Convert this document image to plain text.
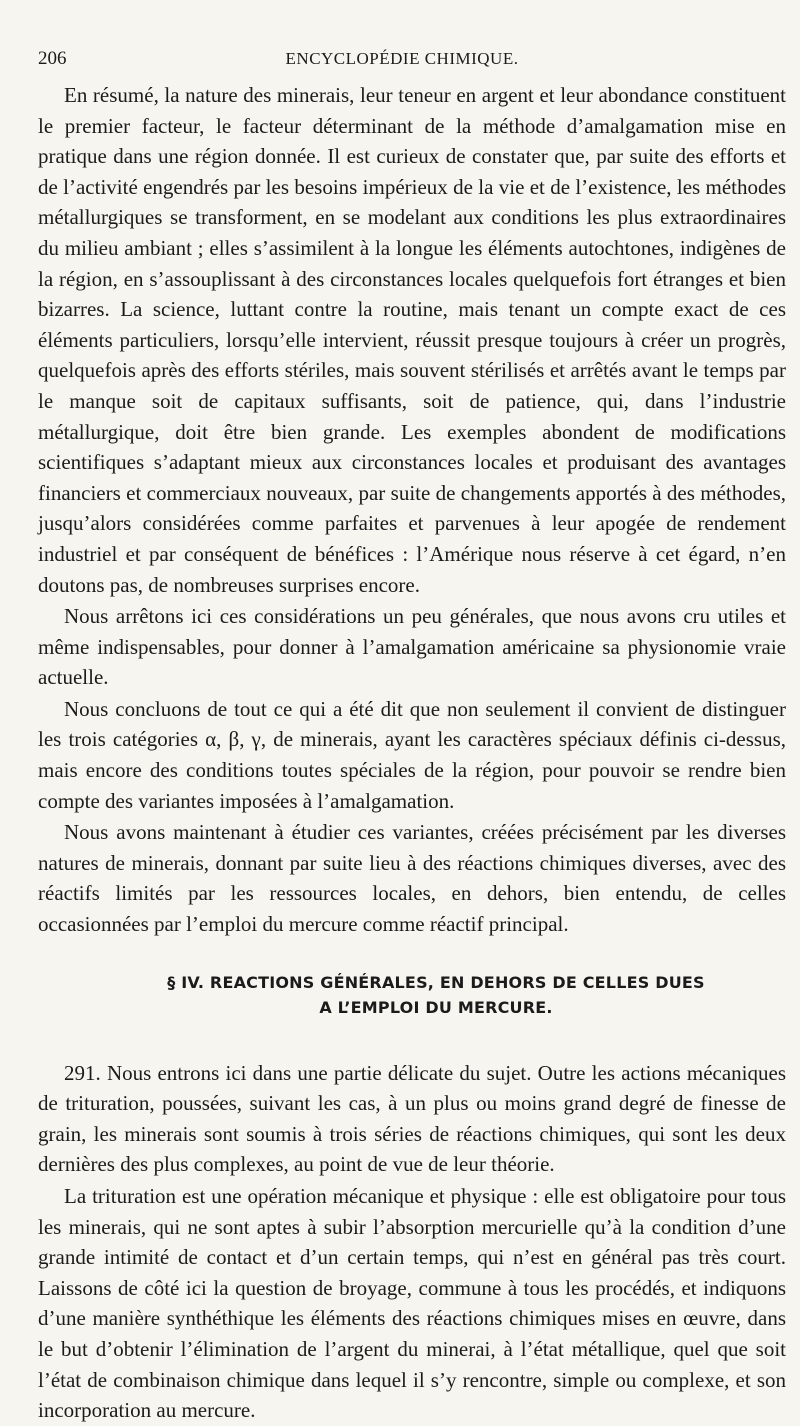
206	ENCYCLOPÉDIE CHIMIQUE.

En résumé, la nature des minerais, leur teneur en argent et leur abondance constituent le premier facteur, le facteur déterminant de la méthode d’amalgamation mise en pratique dans une région donnée. Il est curieux de constater que, par suite des efforts et de l’activité engendrés par les besoins impérieux de la vie et de l’existence, les méthodes métallurgiques se transforment, en se modelant aux conditions les plus extraordinaires du milieu ambiant ; elles s’assimilent à la longue les éléments autochtones, indigènes de la région, en s’assouplissant à des circonstances locales quelquefois fort étranges et bien bizarres. La science, luttant contre la routine, mais tenant un compte exact de ces éléments particuliers, lorsqu’elle intervient, réussit presque toujours à créer un progrès, quelquefois après des efforts stériles, mais souvent stérilisés et arrêtés avant le temps par le manque soit de capitaux suffisants, soit de patience, qui, dans l’industrie métallurgique, doit être bien grande. Les exemples abondent de modifications scientifiques s’adaptant mieux aux circonstances locales et produisant des avantages financiers et commerciaux nouveaux, par suite de changements apportés à des méthodes, jusqu’alors considérées comme parfaites et parvenues à leur apogée de rendement industriel et par conséquent de bénéfices : l’Amérique nous réserve à cet égard, n’en doutons pas, de nombreuses surprises encore.

Nous arrêtons ici ces considérations un peu générales, que nous avons cru utiles et même indispensables, pour donner à l’amalgamation américaine sa physionomie vraie actuelle.

Nous concluons de tout ce qui a été dit que non seulement il convient de distinguer les trois catégories α, β, γ, de minerais, ayant les caractères spéciaux définis ci-dessus, mais encore des conditions toutes spéciales de la région, pour pouvoir se rendre bien compte des variantes imposées à l’amalgamation.

Nous avons maintenant à étudier ces variantes, créées précisément par les diverses natures de minerais, donnant par suite lieu à des réactions chimiques diverses, avec des réactifs limités par les ressources locales, en dehors, bien entendu, de celles occasionnées par l’emploi du mercure comme réactif principal.

§ IV. REACTIONS GÉNÉRALES, EN DEHORS DE CELLES DUES
A L’EMPLOI DU MERCURE.

291. Nous entrons ici dans une partie délicate du sujet. Outre les actions mécaniques de trituration, poussées, suivant les cas, à un plus ou moins grand degré de finesse de grain, les minerais sont soumis à trois séries de réactions chimiques, qui sont les deux dernières des plus complexes, au point de vue de leur théorie.

La trituration est une opération mécanique et physique : elle est obligatoire pour tous les minerais, qui ne sont aptes à subir l’absorption mercurielle qu’à la condition d’une grande intimité de contact et d’un certain temps, qui n’est en général pas très court. Laissons de côté ici la question de broyage, commune à tous les procédés, et indiquons d’une manière synthéthique les éléments des réactions chimiques mises en œuvre, dans le but d’obtenir l’élimination de l’argent du minerai, à l’état métallique, quel que soit l’état de combinaison chimique dans lequel il s’y rencontre, simple ou complexe, et son incorporation au mercure.
